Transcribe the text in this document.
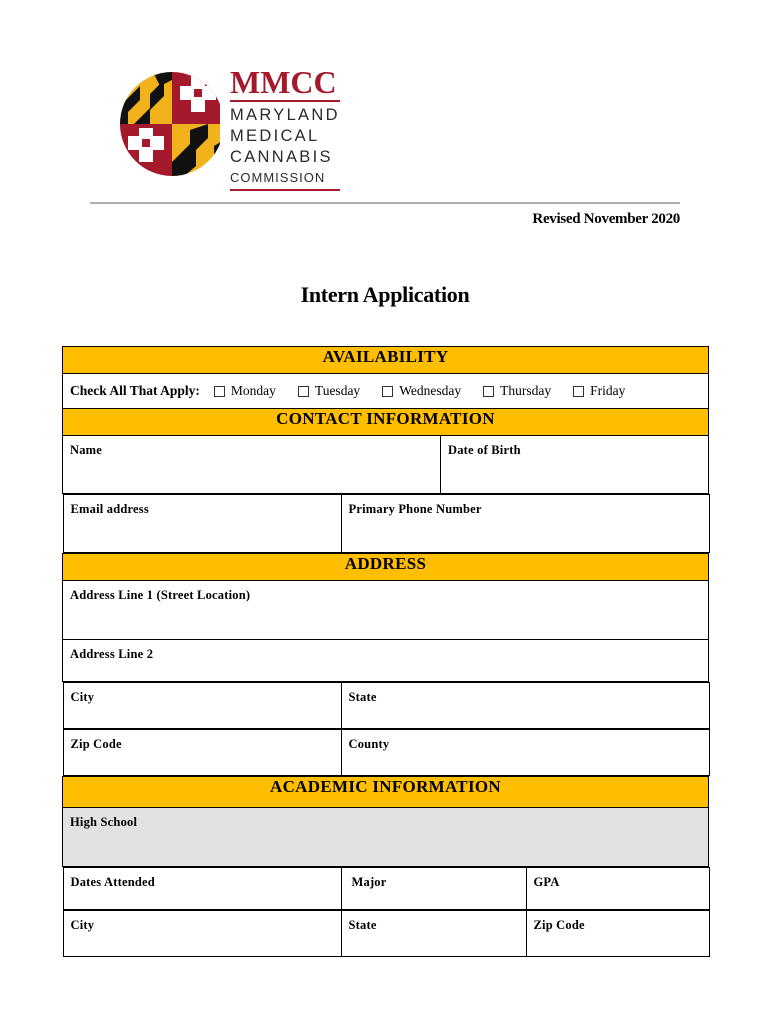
MMCC
MARYLAND
MEDICAL
CANNABIS
COMMISSION
Revised November 2020
Intern Application
AVAILABILITY

Check All That Apply: Monday	Tuesday	Wednesday	Thursday	Friday

CONTACT INFORMATION

Name	Date of Birth

Email address	Primary Phone Number

ADDRESS

Address Line 1 (Street Location)

Address Line 2

City	State

Zip Code	County

ACADEMIC INFORMATION

High School

Dates Attended	Major	GPA

City	State	Zip Code
